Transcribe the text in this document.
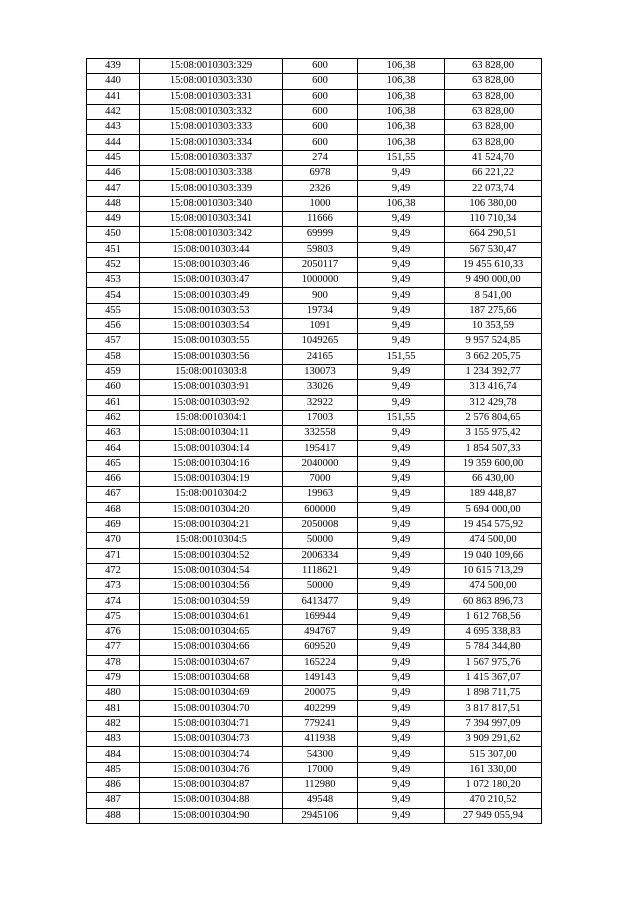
439	15:08:0010303:329	600	106,38	63 828,00
440	15:08:0010303:330	600	106,38	63 828,00
441	15:08:0010303:331	600	106,38	63 828,00
442	15:08:0010303:332	600	106,38	63 828,00
443	15:08:0010303:333	600	106,38	63 828,00
444	15:08:0010303:334	600	106,38	63 828,00
445	15:08:0010303:337	274	151,55	41 524,70
446	15:08:0010303:338	6978	9,49	66 221,22
447	15:08:0010303:339	2326	9,49	22 073,74
448	15:08:0010303:340	1000	106,38	106 380,00
449	15:08:0010303:341	11666	9,49	110 710,34
450	15:08:0010303:342	69999	9,49	664 290,51
451	15:08:0010303:44	59803	9,49	567 530,47
452	15:08:0010303:46	2050117	9,49	19 455 610,33
453	15:08:0010303:47	1000000	9,49	9 490 000,00
454	15:08:0010303:49	900	9,49	8 541,00
455	15:08:0010303:53	19734	9,49	187 275,66
456	15:08:0010303:54	1091	9,49	10 353,59
457	15:08:0010303:55	1049265	9,49	9 957 524,85
458	15:08:0010303:56	24165	151,55	3 662 205,75
459	15:08:0010303:8	130073	9,49	1 234 392,77
460	15:08:0010303:91	33026	9,49	313 416,74
461	15:08:0010303:92	32922	9,49	312 429,78
462	15:08:0010304:1	17003	151,55	2 576 804,65
463	15:08:0010304:11	332558	9,49	3 155 975,42
464	15:08:0010304:14	195417	9,49	1 854 507,33
465	15:08:0010304:16	2040000	9,49	19 359 600,00
466	15:08:0010304:19	7000	9,49	66 430,00
467	15:08:0010304:2	19963	9,49	189 448,87
468	15:08:0010304:20	600000	9,49	5 694 000,00
469	15:08:0010304:21	2050008	9,49	19 454 575,92
470	15:08:0010304:5	50000	9,49	474 500,00
471	15:08:0010304:52	2006334	9,49	19 040 109,66
472	15:08:0010304:54	1118621	9,49	10 615 713,29
473	15:08:0010304:56	50000	9,49	474 500,00
474	15:08:0010304:59	6413477	9,49	60 863 896,73
475	15:08:0010304:61	169944	9,49	1 612 768,56
476	15:08:0010304:65	494767	9,49	4 695 338,83
477	15:08:0010304:66	609520	9,49	5 784 344,80
478	15:08:0010304:67	165224	9,49	1 567 975,76
479	15:08:0010304:68	149143	9,49	1 415 367,07
480	15:08:0010304:69	200075	9,49	1 898 711,75
481	15:08:0010304:70	402299	9,49	3 817 817,51
482	15:08:0010304:71	779241	9,49	7 394 997,09
483	15:08:0010304:73	411938	9,49	3 909 291,62
484	15:08:0010304:74	54300	9,49	515 307,00
485	15:08:0010304:76	17000	9,49	161 330,00
486	15:08:0010304:87	112980	9,49	1 072 180,20
487	15:08:0010304:88	49548	9,49	470 210,52
488	15:08:0010304:90	2945106	9,49	27 949 055,94
